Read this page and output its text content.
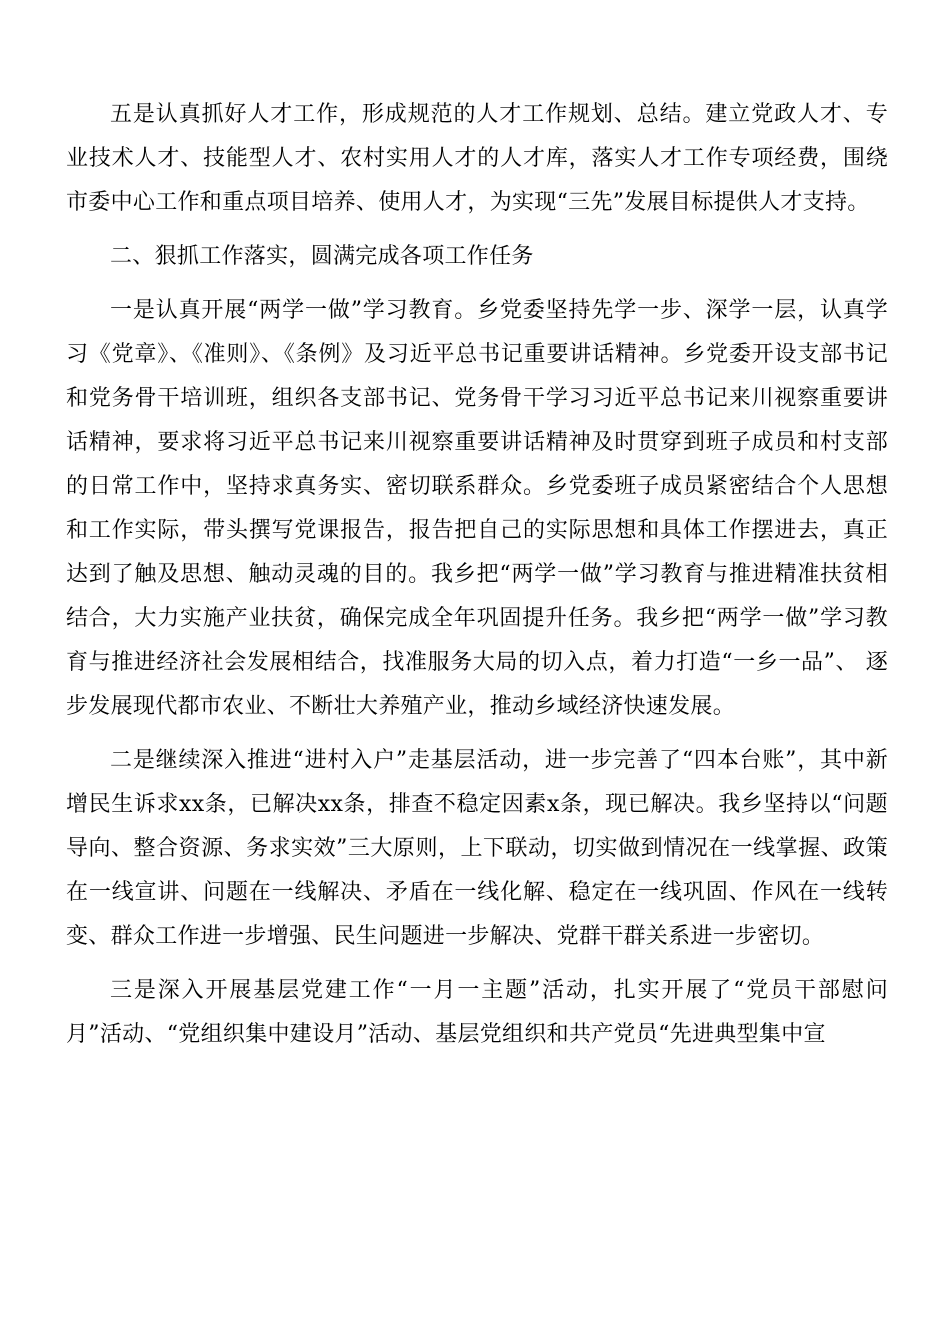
五是认真抓好人才工作，形成规范的人才工作规划、总结。建立党政人才、专业技术人才、技能型人才、农村实用人才的人才库，落实人才工作专项经费，围绕市委中心工作和重点项目培养、使用人才，为实现“三先”发展目标提供人才支持。

二、狠抓工作落实，圆满完成各项工作任务

一是认真开展“两学一做”学习教育。乡党委坚持先学一步、深学一层，认真学习《党章》、《准则》、《条例》及习近平总书记重要讲话精神。乡党委开设支部书记和党务骨干培训班，组织各支部书记、党务骨干学习习近平总书记来川视察重要讲话精神，要求将习近平总书记来川视察重要讲话精神及时贯穿到班子成员和村支部的日常工作中，坚持求真务实、密切联系群众。乡党委班子成员紧密结合个人思想和工作实际，带头撰写党课报告，报告把自己的实际思想和具体工作摆进去，真正达到了触及思想、触动灵魂的目的。我乡把“两学一做”学习教育与推进精准扶贫相结合，大力实施产业扶贫，确保完成全年巩固提升任务。我乡把“两学一做”学习教育与推进经济社会发展相结合，找准服务大局的切入点，着力打造“一乡一品”、 逐步发展现代都市农业、不断壮大养殖产业，推动乡域经济快速发展。

二是继续深入推进“进村入户”走基层活动，进一步完善了“四本台账”，其中新增民生诉求xx条，已解决xx条，排查不稳定因素x条，现已解决。我乡坚持以“问题导向、整合资源、务求实效”三大原则，上下联动，切实做到情况在一线掌握、政策在一线宣讲、问题在一线解决、矛盾在一线化解、稳定在一线巩固、作风在一线转变、群众工作进一步增强、民生问题进一步解决、党群干群关系进一步密切。

三是深入开展基层党建工作“一月一主题”活动，扎实开展了“党员干部慰问月”活动、“党组织集中建设月”活动、基层党组织和共产党员“先进典型集中宣
